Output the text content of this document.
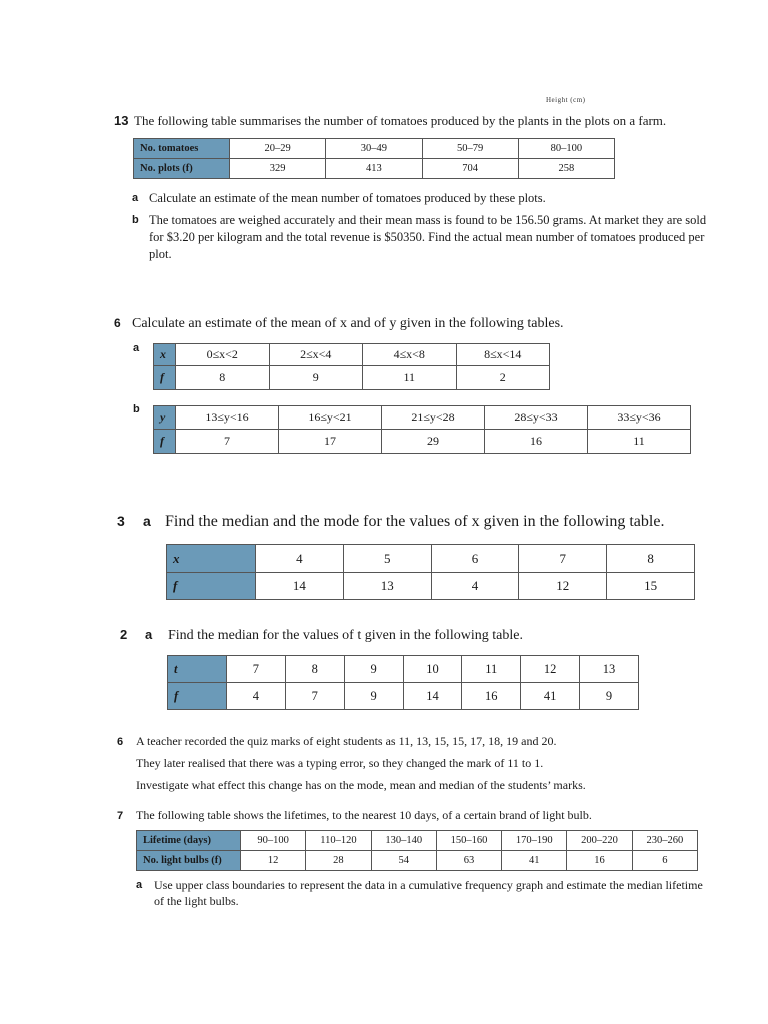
Height (cm)
13 The following table summarises the number of tomatoes produced by the plants in the plots on a farm.
No. tomatoes	20–29	30–49	50–79	80–100
No. plots (f)	329	413	704	258
a Calculate an estimate of the mean number of tomatoes produced by these plots.
b The tomatoes are weighed accurately and their mean mass is found to be 156.50 grams. At market they are sold for $3.20 per kilogram and the total revenue is $50350. Find the actual mean number of tomatoes produced per plot.
6 Calculate an estimate of the mean of x and of y given in the following tables.
a x	0≤x<2	2≤x<4	4≤x<8	8≤x<14
f	8	9	11	2
b
y	13≤y<16	16≤y<21	21≤y<28	28≤y<33	33≤y<36
f	7	17	29	16	11
3	a Find the median and the mode for the values of x given in the following table.
x	4	5	6	7	8
f	14	13	4	12	15
2	a	Find the median for the values of t given in the following table.
t	7	8	9	10	11	12	13
f	4	7	9	14	16	41	9
6	A teacher recorded the quiz marks of eight students as 11, 13, 15, 15, 17, 18, 19 and 20.
They later realised that there was a typing error, so they changed the mark of 11 to 1.
Investigate what effect this change has on the mode, mean and median of the students’ marks.
7	The following table shows the lifetimes, to the nearest 10 days, of a certain brand of light bulb.
Lifetime (days)	90–100	110–120	130–140	150–160	170–190	200–220	230–260
No. light bulbs (f)	12	28	54	63	41	16	6
a Use upper class boundaries to represent the data in a cumulative frequency graph and estimate the median lifetime of the light bulbs.
